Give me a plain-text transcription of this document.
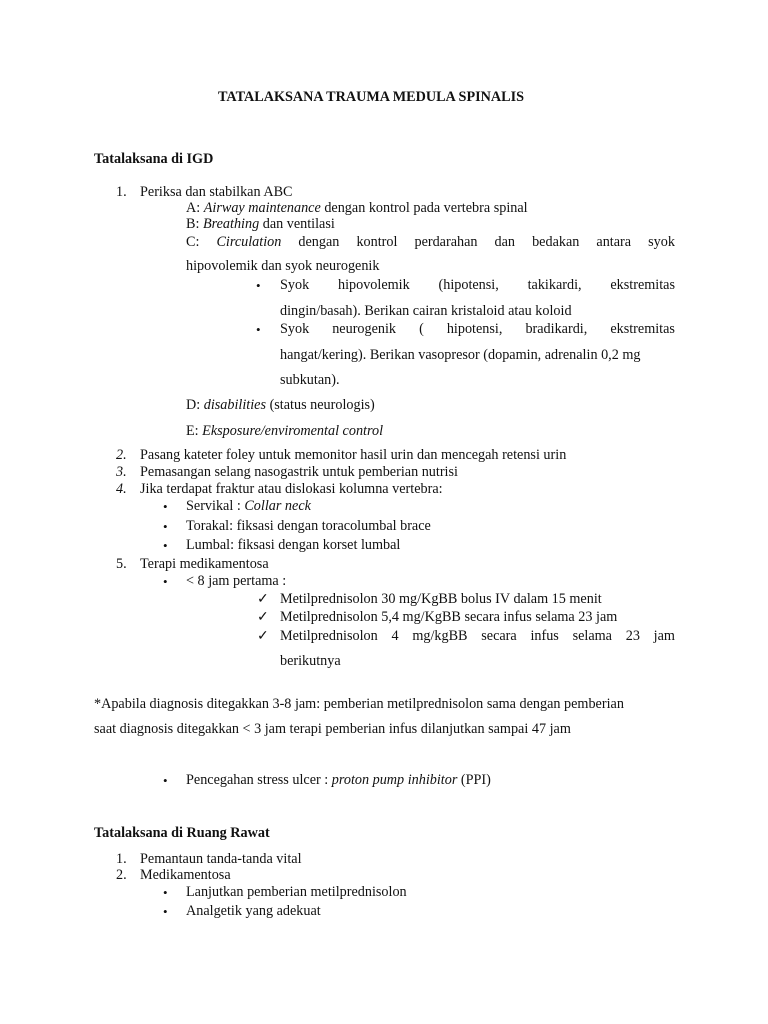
TATALAKSANA TRAUMA MEDULA SPINALIS
Tatalaksana di IGD
1. Periksa dan stabilkan ABC
A: Airway maintenance dengan kontrol pada vertebra spinal
B: Breathing dan ventilasi
C: Circulation dengan kontrol perdarahan dan bedakan antara syok
hipovolemik dan syok neurogenik
• Syok hipovolemik (hipotensi, takikardi, ekstremitas
dingin/basah). Berikan cairan kristaloid atau koloid
• Syok neurogenik ( hipotensi, bradikardi, ekstremitas
hangat/kering). Berikan vasopresor (dopamin, adrenalin 0,2 mg
subkutan).
D: disabilities (status neurologis)
E: Eksposure/enviromental control
2. Pasang kateter foley untuk memonitor hasil urin dan mencegah retensi urin
3. Pemasangan selang nasogastrik untuk pemberian nutrisi
4. Jika terdapat fraktur atau dislokasi kolumna vertebra:
• Servikal : Collar neck
• Torakal: fiksasi dengan toracolumbal brace
• Lumbal: fiksasi dengan korset lumbal
5. Terapi medikamentosa
• < 8 jam pertama :
✓ Metilprednisolon 30 mg/KgBB bolus IV dalam 15 menit
✓ Metilprednisolon 5,4 mg/KgBB secara infus selama 23 jam
✓ Metilprednisolon 4 mg/kgBB secara infus selama 23 jam
berikutnya
*Apabila diagnosis ditegakkan 3-8 jam: pemberian metilprednisolon sama dengan pemberian
saat diagnosis ditegakkan < 3 jam terapi pemberian infus dilanjutkan sampai 47 jam
• Pencegahan stress ulcer : proton pump inhibitor (PPI)
Tatalaksana di Ruang Rawat
1. Pemantaun tanda-tanda vital
2. Medikamentosa
• Lanjutkan pemberian metilprednisolon
• Analgetik yang adekuat
